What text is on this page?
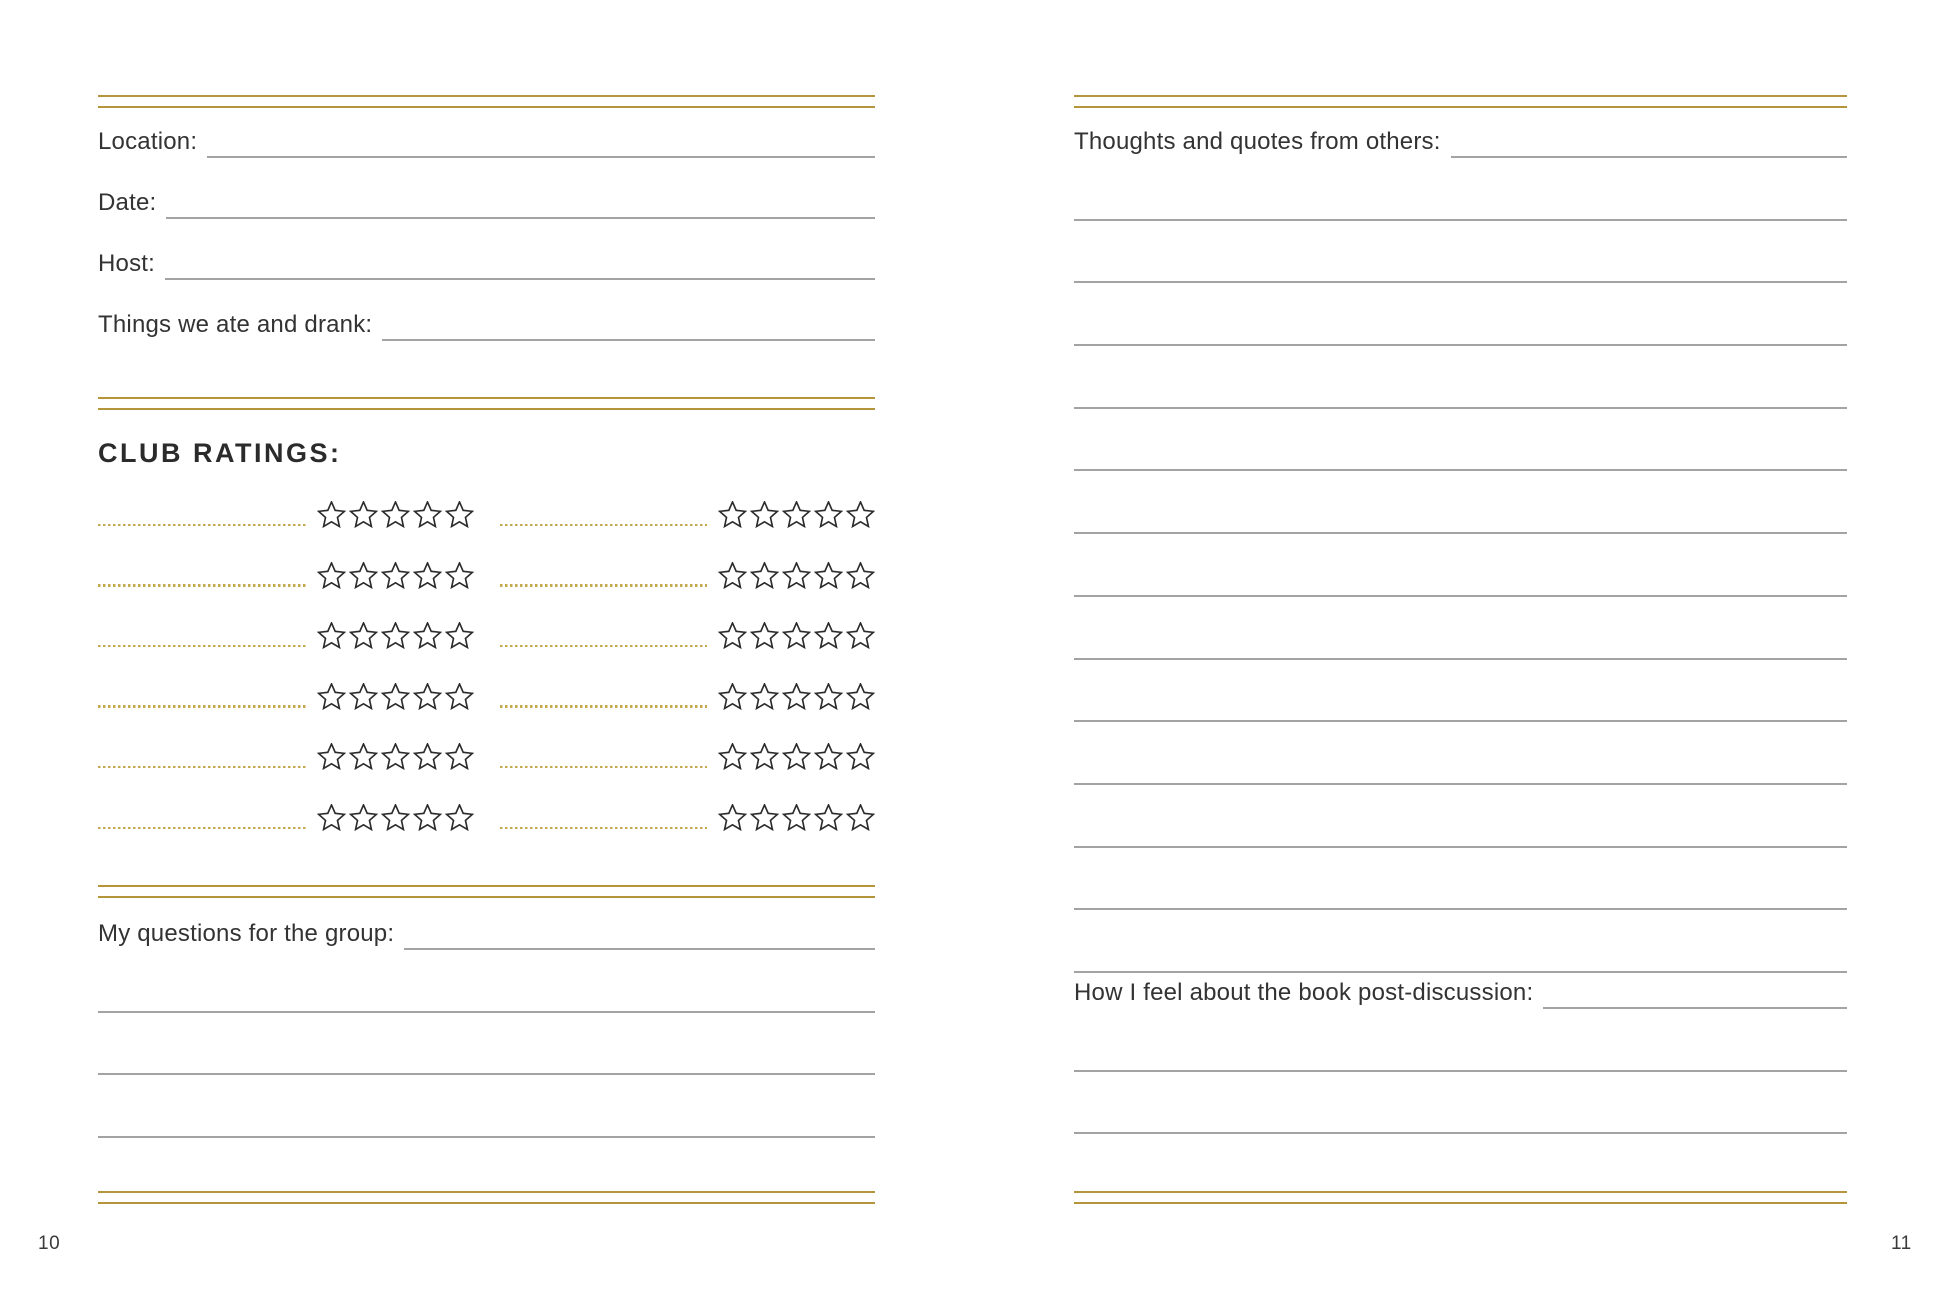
Location:
Date:
Host:
Things we ate and drank:
CLUB RATINGS:
My questions for the group:
Thoughts and quotes from others:
How I feel about the book post-discussion:
10	11
